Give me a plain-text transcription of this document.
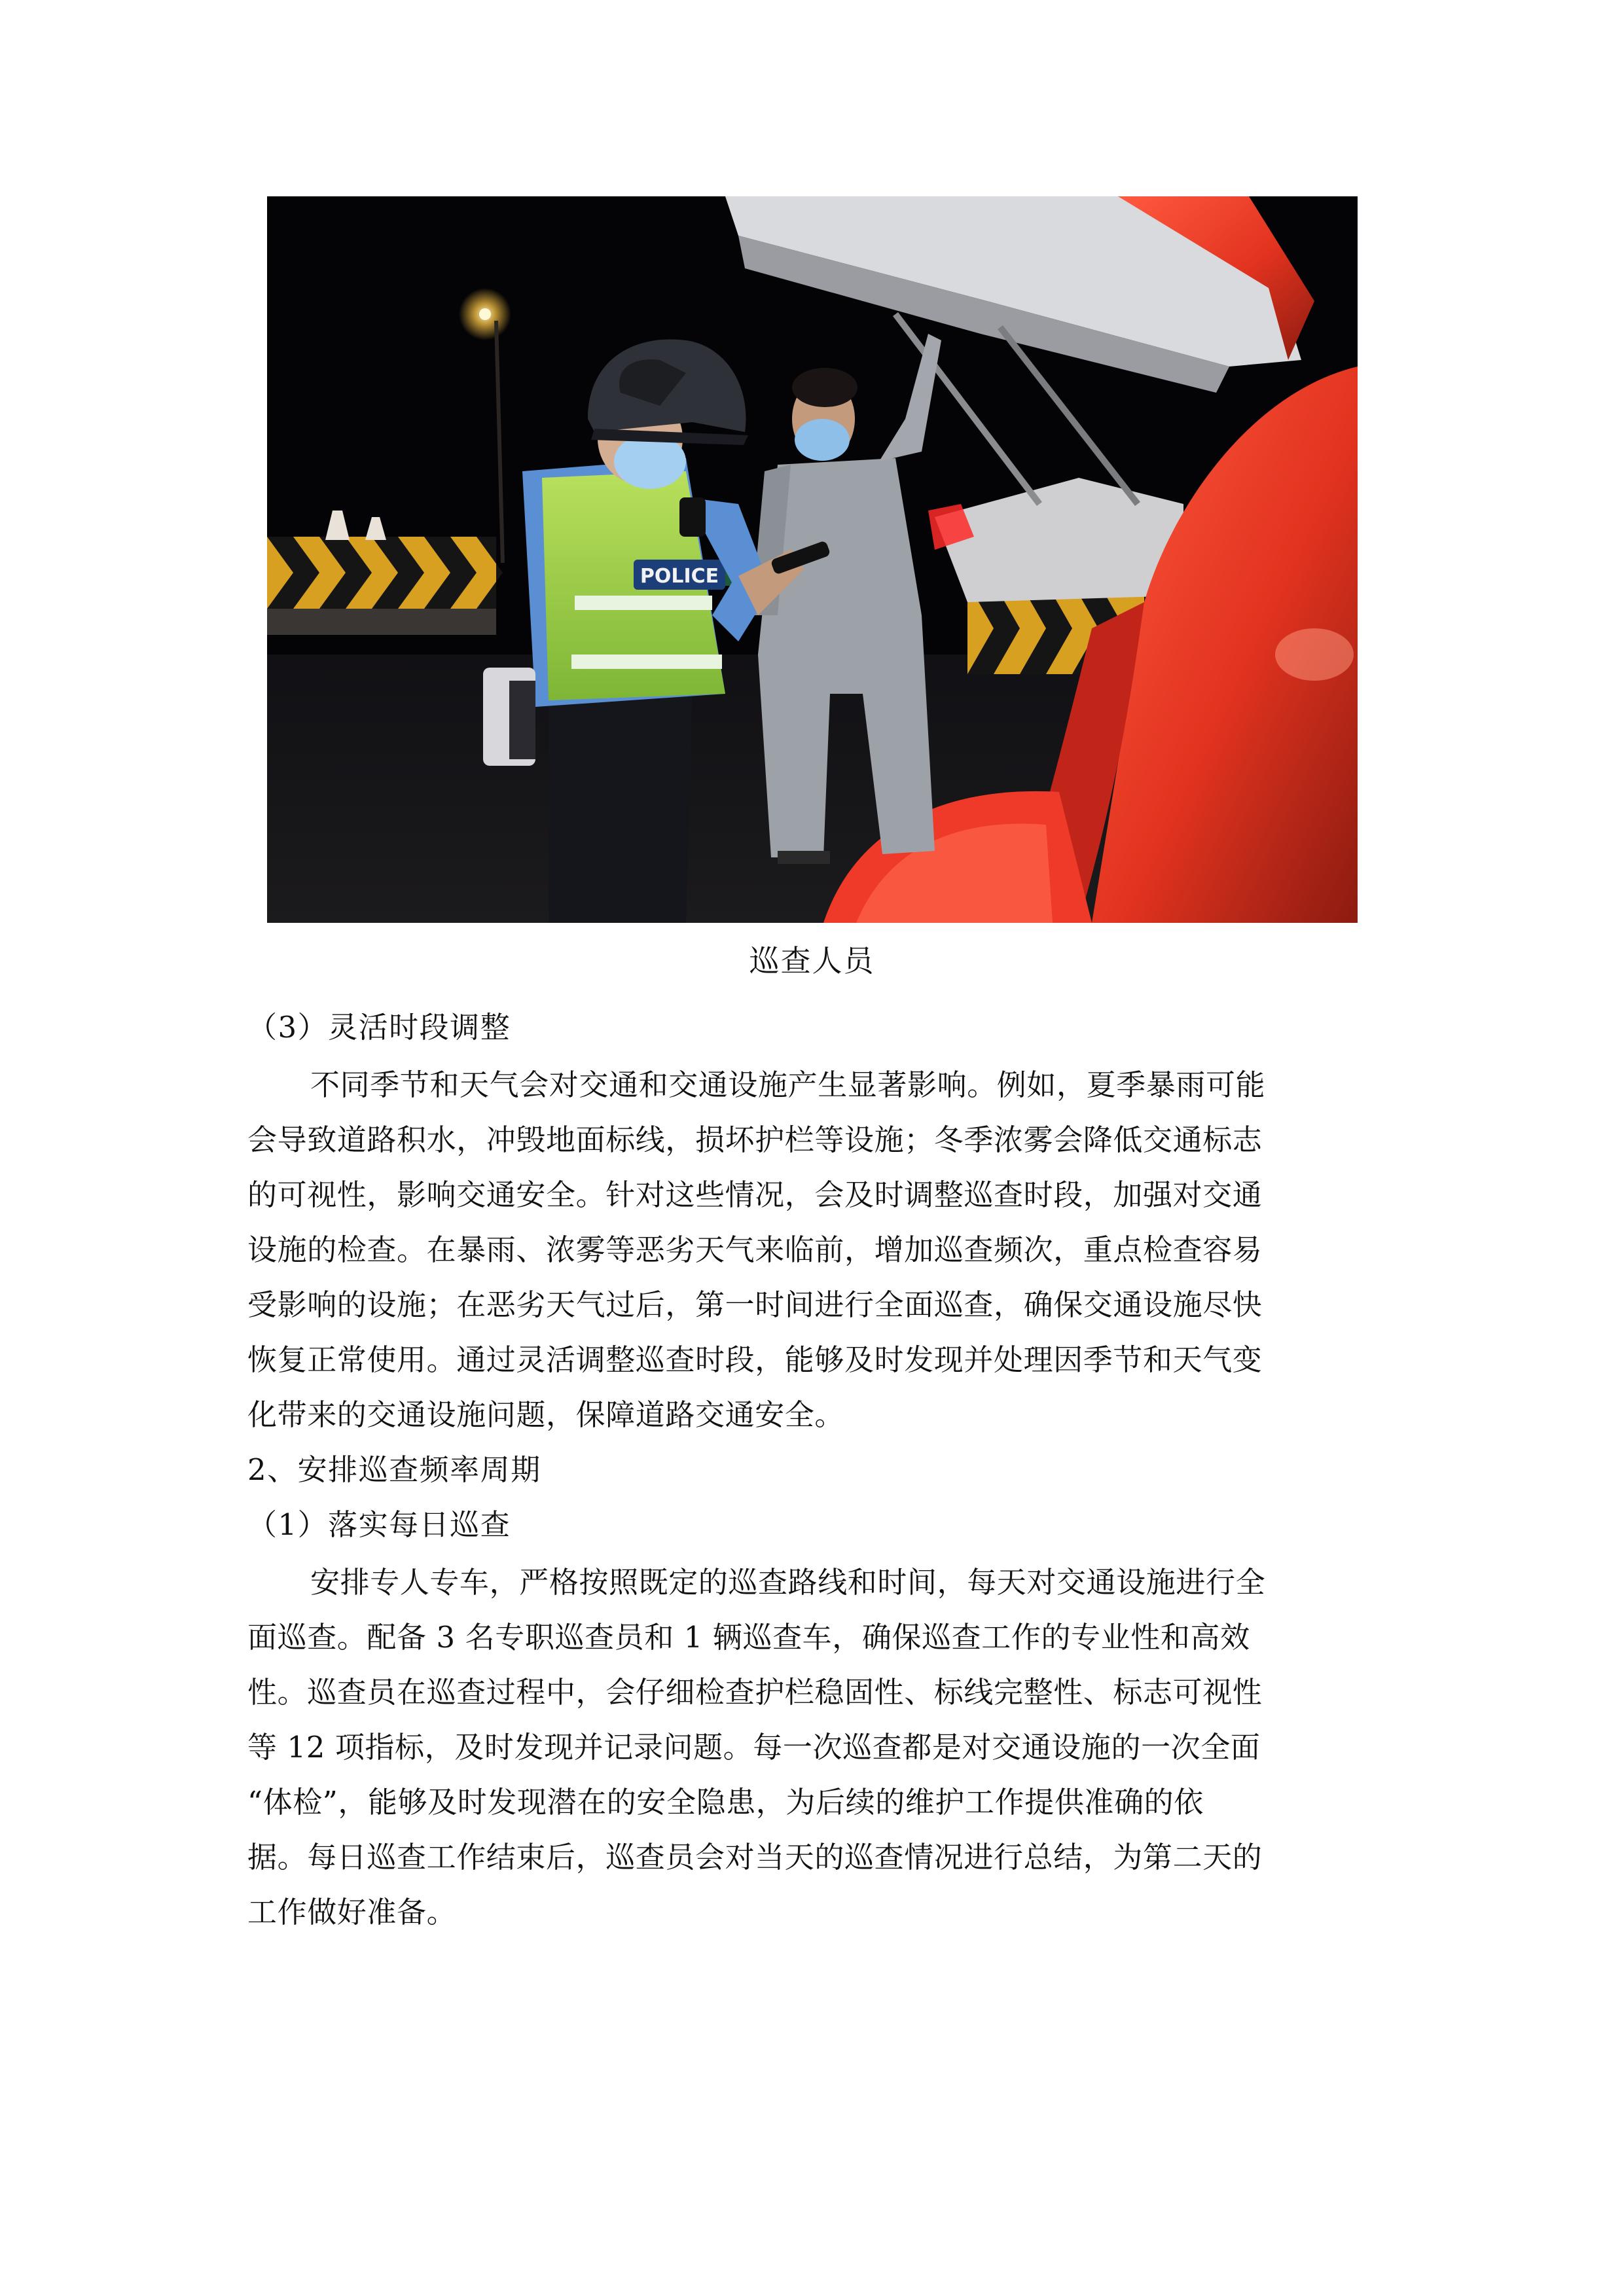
POLICE
巡查人员
（3）灵活时段调整
不同季节和天气会对交通和交通设施产生显著影响。例如，夏季暴雨可能
会导致道路积水，冲毁地面标线，损坏护栏等设施；冬季浓雾会降低交通标志
的可视性，影响交通安全。针对这些情况，会及时调整巡查时段，加强对交通
设施的检查。在暴雨、浓雾等恶劣天气来临前，增加巡查频次，重点检查容易
受影响的设施；在恶劣天气过后，第一时间进行全面巡查，确保交通设施尽快
恢复正常使用。通过灵活调整巡查时段，能够及时发现并处理因季节和天气变
化带来的交通设施问题，保障道路交通安全。
2、安排巡查频率周期
（1）落实每日巡查
安排专人专车，严格按照既定的巡查路线和时间，每天对交通设施进行全
面巡查。配备 3 名专职巡查员和 1 辆巡查车，确保巡查工作的专业性和高效
性。巡查员在巡查过程中，会仔细检查护栏稳固性、标线完整性、标志可视性
等 12 项指标，及时发现并记录问题。每一次巡查都是对交通设施的一次全面
“体检”，能够及时发现潜在的安全隐患，为后续的维护工作提供准确的依
据。每日巡查工作结束后，巡查员会对当天的巡查情况进行总结，为第二天的
工作做好准备。
